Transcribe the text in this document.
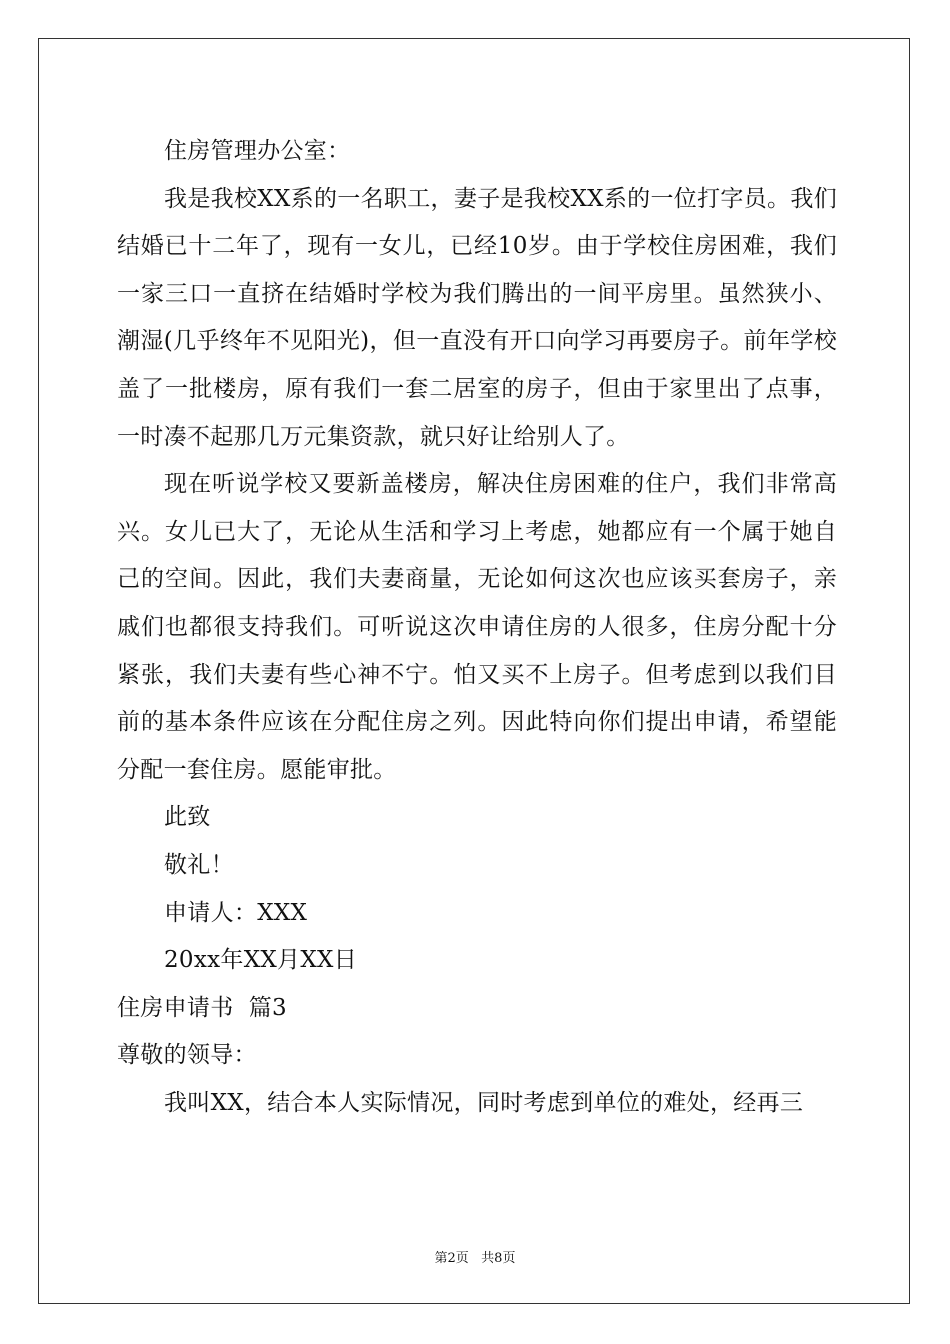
住房管理办公室：

我是我校XX系的一名职工，妻子是我校XX系的一位打字员。我们结婚已十二年了，现有一女儿，已经10岁。由于学校住房困难，我们一家三口一直挤在结婚时学校为我们腾出的一间平房里。虽然狭小、潮湿(几乎终年不见阳光)，但一直没有开口向学习再要房子。前年学校盖了一批楼房，原有我们一套二居室的房子，但由于家里出了点事，一时凑不起那几万元集资款，就只好让给别人了。

现在听说学校又要新盖楼房，解决住房困难的住户，我们非常高兴。女儿已大了，无论从生活和学习上考虑，她都应有一个属于她自己的空间。因此，我们夫妻商量，无论如何这次也应该买套房子，亲戚们也都很支持我们。可听说这次申请住房的人很多，住房分配十分紧张，我们夫妻有些心神不宁。怕又买不上房子。但考虑到以我们目前的基本条件应该在分配住房之列。因此特向你们提出申请，希望能分配一套住房。愿能审批。

此致

敬礼！

申请人：XXX

20xx年XX月XX日

住房申请书  篇3

尊敬的领导：

我叫XX，结合本人实际情况，同时考虑到单位的难处，经再三

第2页   共8页
